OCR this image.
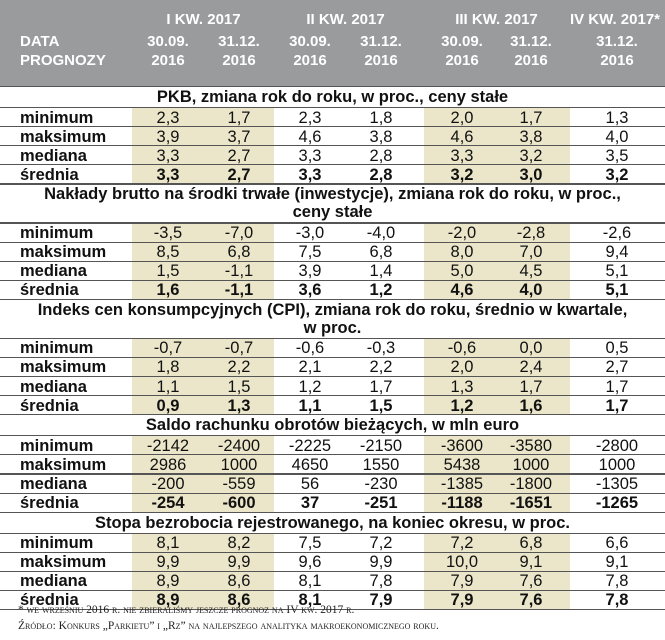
DATA
PROGNOZY
I KW. 2017	II KW. 2017	III KW. 2017	IV KW. 2017*
30.09.	31.12.	30.09.	31.12.	30.09.	31.12.	31.12.
2016	2016	2016	2016	2016	2016	2016
PKB, zmiana rok do roku, w proc., ceny stałe
minimum	2,3	1,7	2,3	1,8	2,0	1,7	1,3
maksimum	3,9	3,7	4,6	3,8	4,6	3,8	4,0
mediana	3,3	2,7	3,3	2,8	3,3	3,2	3,5
średnia	3,3	2,7	3,3	2,8	3,2	3,0	3,2
Nakłady brutto na środki trwałe (inwestycje), zmiana rok do roku, w proc.,
ceny stałe
minimum	-3,5	-7,0	-3,0	-4,0	-2,0	-2,8	-2,6
maksimum	8,5	6,8	7,5	6,8	8,0	7,0	9,4
mediana	1,5	-1,1	3,9	1,4	5,0	4,5	5,1
średnia	1,6	-1,1	3,6	1,2	4,6	4,0	5,1
Indeks cen konsumpcyjnych (CPI), zmiana rok do roku, średnio w kwartale,
w proc.
minimum	-0,7	-0,7	-0,6	-0,3	-0,6	0,0	0,5
maksimum	1,8	2,2	2,1	2,2	2,0	2,4	2,7
mediana	1,1	1,5	1,2	1,7	1,3	1,7	1,7
średnia	0,9	1,3	1,1	1,5	1,2	1,6	1,7
Saldo rachunku obrotów bieżących, w mln euro
minimum	-2142	-2400	-2225	-2150	-3600	-3580	-2800
maksimum	2986	1000	4650	1550	5438	1000	1000
mediana	-200	-559	56	-230	-1385	-1800	-1305
średnia	-254	-600	37	-251	-1188	-1651	-1265
Stopa bezrobocia rejestrowanego, na koniec okresu, w proc.
minimum	8,1	8,2	7,5	7,2	7,2	6,8	6,6
maksimum	9,9	9,9	9,6	9,9	10,0	9,1	9,1
mediana	8,9	8,6	8,1	7,8	7,9	7,6	7,8
średnia	8,9	8,6	8,1	7,9	7,9	7,6	7,8
* we wrześniu 2016 r. nie zbieraliśmy jeszcze prognoz na IV kw. 2017 r.
Źródło: Konkurs „Parkietu” i „Rz” na najlepszego analityka makroekonomicznego roku.
